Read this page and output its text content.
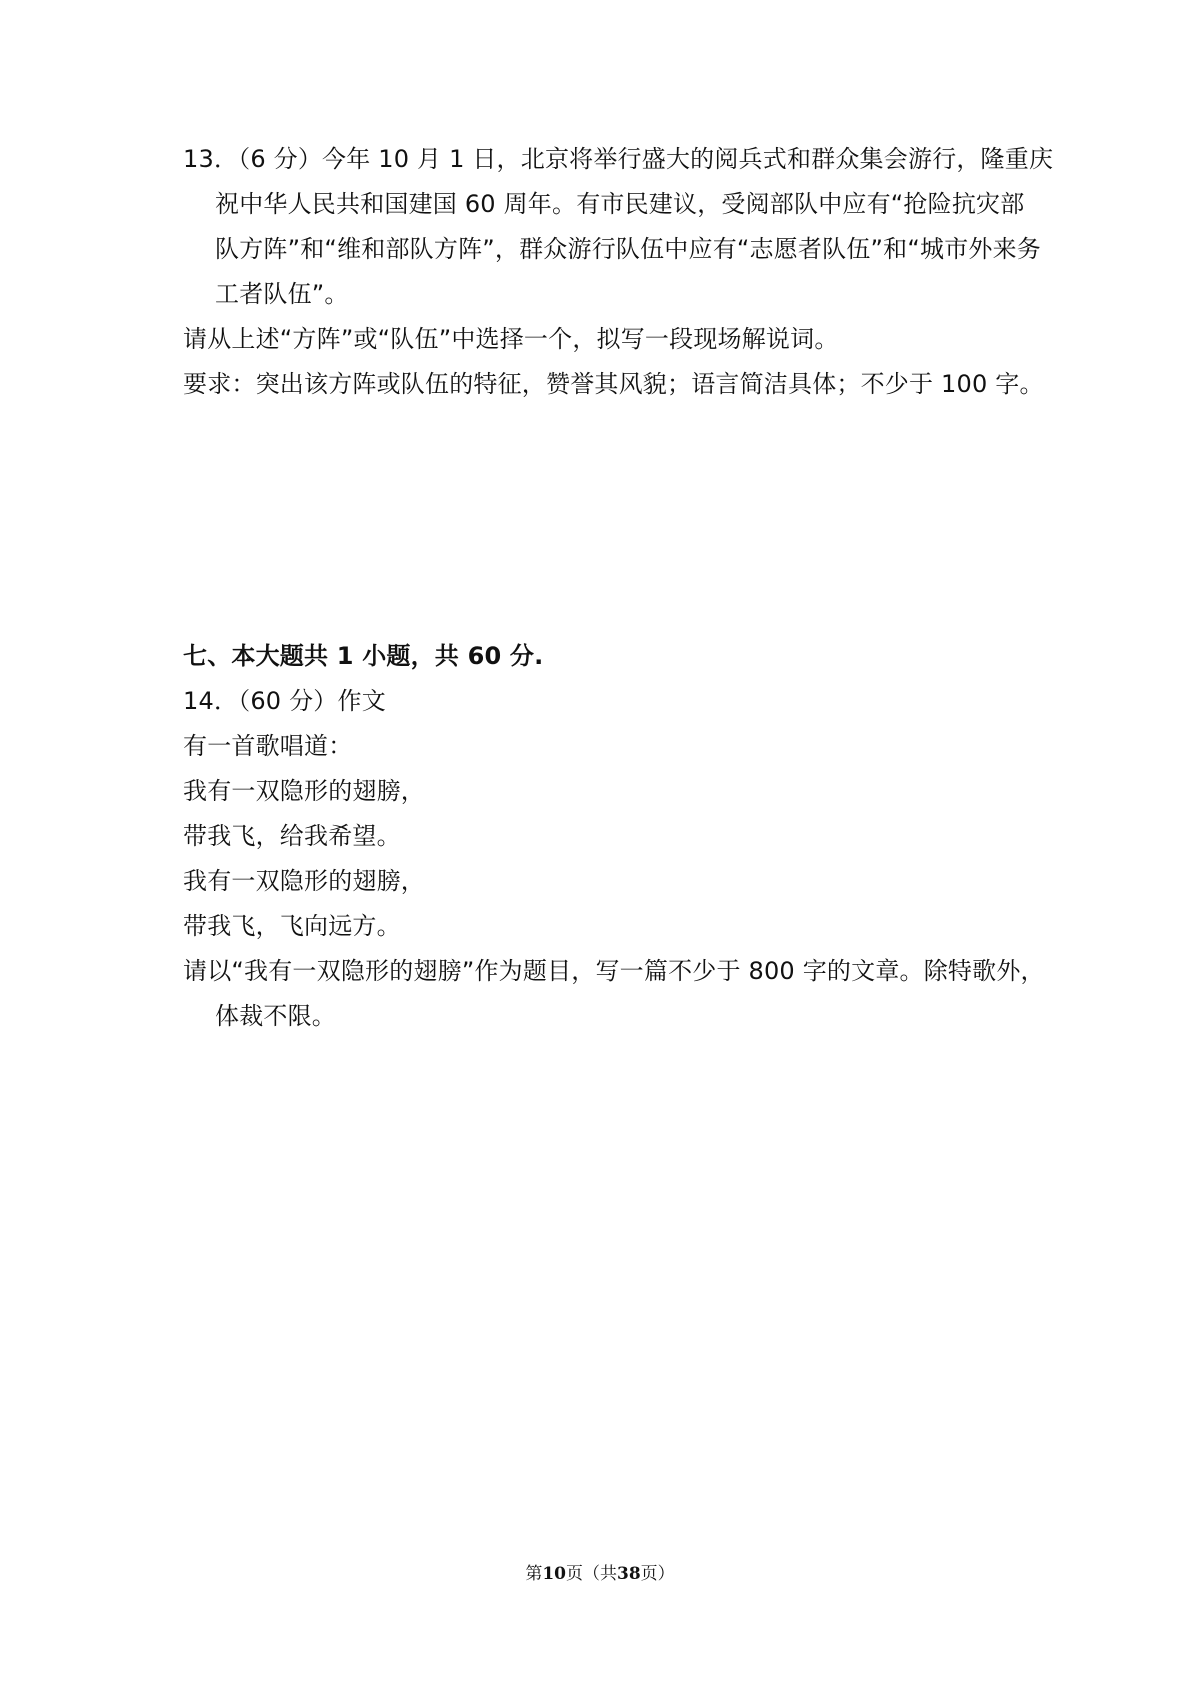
13．（6 分）今年 10 月 1 日，北京将举行盛大的阅兵式和群众集会游行，隆重庆
祝中华人民共和国建国 60 周年。有市民建议，受阅部队中应有“抢险抗灾部
队方阵”和“维和部队方阵”，群众游行队伍中应有“志愿者队伍”和“城市外来务
工者队伍”。
请从上述“方阵”或“队伍”中选择一个，拟写一段现场解说词。
要求：突出该方阵或队伍的特征，赞誉其风貌；语言简洁具体；不少于 100 字。
七、本大题共 1 小题，共 60 分.
14．（60 分）作文
有一首歌唱道：
我有一双隐形的翅膀，
带我飞，给我希望。
我有一双隐形的翅膀，
带我飞，飞向远方。
请以“我有一双隐形的翅膀”作为题目，写一篇不少于 800 字的文章。除特歌外，
体裁不限。
第10页（共38页）
